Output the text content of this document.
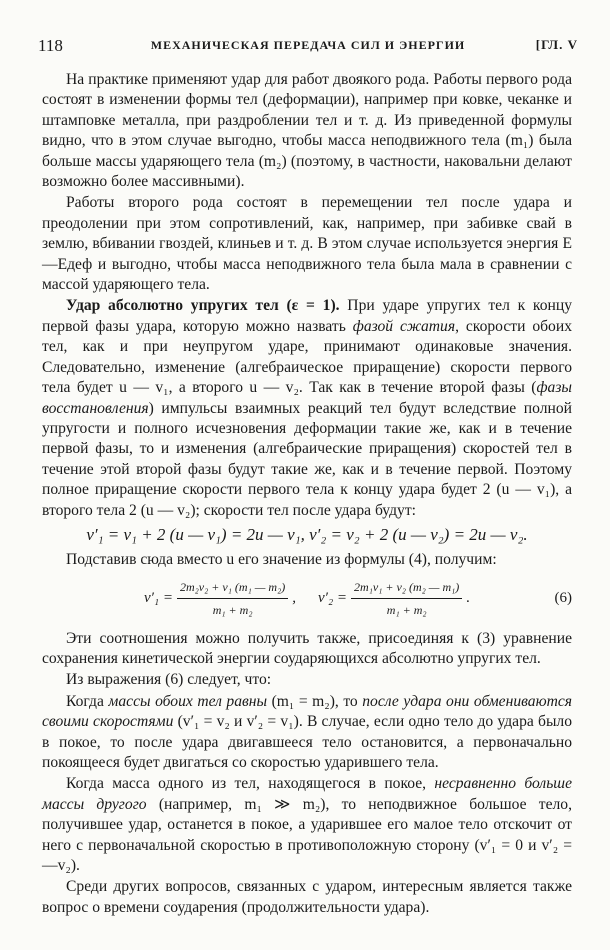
118	МЕХАНИЧЕСКАЯ ПЕРЕДАЧА СИЛ И ЭНЕРГИИ	[ГЛ. V

На практике применяют удар для работ двоякого рода. Работы первого рода состоят в изменении формы тел (деформации), например при ковке, чеканке и штамповке металла, при раздроблении тел и т. д. Из приведенной формулы видно, что в этом случае выгодно, чтобы масса неподвижного тела (m₁) была больше массы ударяющего тела (m₂) (поэтому, в частности, наковальни делают возможно более массивными).

Работы второго рода состоят в перемещении тел после удара и преодолении при этом сопротивлений, как, например, при забивке свай в землю, вбивании гвоздей, клиньев и т. д. В этом случае используется энергия E—Eдеф и выгодно, чтобы масса неподвижного тела была мала в сравнении с массой ударяющего тела.

Удар абсолютно упругих тел (ε = 1). При ударе упругих тел к концу первой фазы удара, которую можно назвать фазой сжатия, скорости обоих тел, как и при неупругом ударе, принимают одинаковые значения. Следовательно, изменение (алгебраическое приращение) скорости первого тела будет u — v₁, а второго u — v₂. Так как в течение второй фазы (фазы восстановления) импульсы взаимных реакций тел будут вследствие полной упругости и полного исчезновения деформации такие же, как и в течение первой фазы, то и изменения (алгебраические приращения) скоростей тел в течение этой второй фазы будут такие же, как и в течение первой. Поэтому полное приращение скорости первого тела к концу удара будет 2 (u — v₁), а второго тела 2 (u — v₂); скорости тел после удара будут:

v′₁ = v₁ + 2 (u — v₁) = 2u — v₁, v′₂ = v₂ + 2 (u — v₂) = 2u — v₂.

Подставив сюда вместо u его значение из формулы (4), получим:

$v'_1 = \frac{\text{2m₂v₂ + v₁ (m₁ — m₂)}}{\text{m₁ + m₂}}$ , $v'_2 = \frac{\text{2m₁v₁ + v₂ (m₂ — m₁)}}{\text{m₁ + m₂}}$ .	(6)

Эти соотношения можно получить также, присоединяя к (3) уравнение сохранения кинетической энергии соударяющихся абсолютно упругих тел.

Из выражения (6) следует, что:

Когда массы обоих тел равны (m₁ = m₂), то после удара они обмениваются своими скоростями (v′₁ = v₂ и v′₂ = v₁). В случае, если одно тело до удара было в покое, то после удара двигавшееся тело остановится, а первоначально покоящееся будет двигаться со скоростью ударившего тела.

Когда масса одного из тел, находящегося в покое, несравненно больше массы другого (например, m₁ ≫ m₂), то неподвижное большое тело, получившее удар, останется в покое, а ударившее его малое тело отскочит от него с первоначальной скоростью в противоположную сторону (v′₁ = 0 и v′₂ = —v₂).

Среди других вопросов, связанных с ударом, интересным является также вопрос о времени соударения (продолжительности удара).
